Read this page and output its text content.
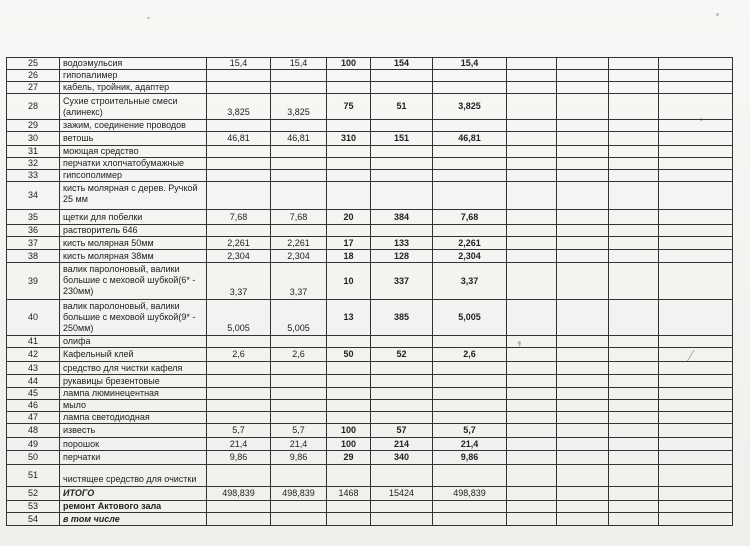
❜	⁄
25	водоэмульсия	15,4	15,4	100	154	15,4				
26	гипопалимер									
27	кабель, тройник, адаптер									
28	Сухие строительные смеси (алинекс)	3,825	3,825	75	51	3,825				
29	зажим, соединение проводов									
30	ветошь	46,81	46,81	310	151	46,81				
31	моющая средство									
32	перчатки хлопчатобумажные									
33	гипсополимер									
34	кисть молярная с дерев. Ручкой 25 мм									
35	щетки для побелки	7,68	7,68	20	384	7,68				
36	растворитель 646									
37	кисть молярная 50мм	2,261	2,261	17	133	2,261				
38	кисть молярная 38мм	2,304	2,304	18	128	2,304				
39	валик паролоновый, валики большие с меховой шубкой(6* - 230мм)	3,37	3,37	10	337	3,37				
40	валик паролоновый, валики большие с меховой шубкой(9* - 250мм)	5,005	5,005	13	385	5,005				
41	олифа									
42	Кафельный клей	2,6	2,6	50	52	2,6				
43	средство для чистки кафеля									
44	рукавицы брезентовые									
45	лампа люминецентная									
46	мыло									
47	лампа светодиодная									
48	известь	5,7	5,7	100	57	5,7				
49	порошок	21,4	21,4	100	214	21,4				
50	перчатки	9,86	9,86	29	340	9,86				
51	чистящее средство для очистки									
52	ИТОГО	498,839	498,839	1468	15424	498,839				
53	ремонт Актового зала									
54	в том числе									
